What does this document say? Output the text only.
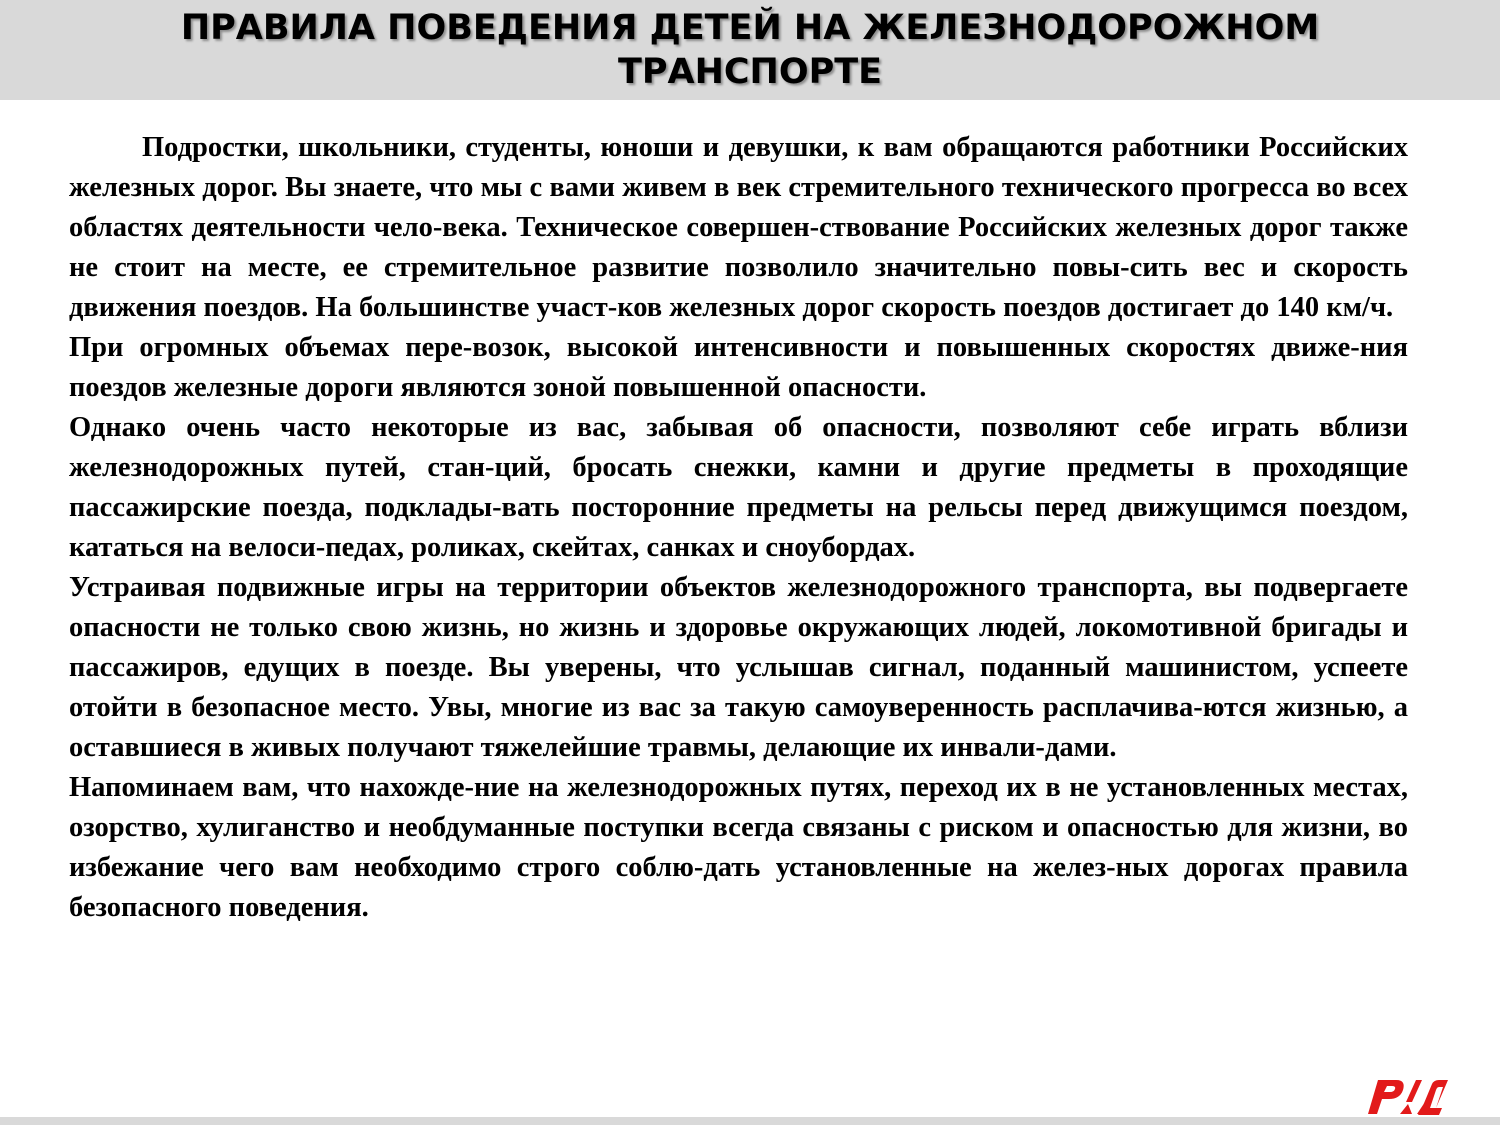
ПРАВИЛА ПОВЕДЕНИЯ ДЕТЕЙ НА ЖЕЛЕЗНОДОРОЖНОМ
ТРАНСПОРТЕ

Подростки, школьники, студенты, юноши и девушки, к вам обращаются работники Российских железных дорог. Вы знаете, что мы с вами живем в век стремительного технического прогресса во всех областях деятельности чело-века. Техническое совершен-ствование Российских железных дорог также не стоит на месте, ее стремительное развитие позволило значительно повы-сить вес и скорость движения поездов. На большинстве участ-ков железных дорог скорость поездов достигает до 140 км/ч.

При огромных объемах пере-возок, высокой интенсивности и повышенных скоростях движе-ния поездов железные дороги являются зоной повышенной опасности.

Однако очень часто некоторые из вас, забывая об опасности, позволяют себе играть вблизи железнодорожных путей, стан-ций, бросать снежки, камни и другие предметы в проходящие пассажирские поезда, подклады-вать посторонние предметы на рельсы перед движущимся поездом, кататься на велоси-педах, роликах, скейтах, санках и сноубордах.

Устраивая подвижные игры на территории объектов железнодорожного транспорта, вы подвергаете опасности не только свою жизнь, но жизнь и здоровье окружающих людей, локомотивной бригады и пассажиров, едущих в поезде. Вы уверены, что услышав сигнал, поданный машинистом, успеете отойти в безопасное место. Увы, многие из вас за такую самоуверенность расплачива-ются жизнью, а оставшиеся в живых получают тяжелейшие травмы, делающие их инвали-дами.

Напоминаем вам, что нахожде-ние на железнодорожных путях, переход их в не установленных местах, озорство, хулиганство и необдуманные поступки всегда связаны с риском и опасностью для жизни, во избежание чего вам необходимо строго соблю-дать установленные на желез-ных дорогах правила безопасного поведения.
